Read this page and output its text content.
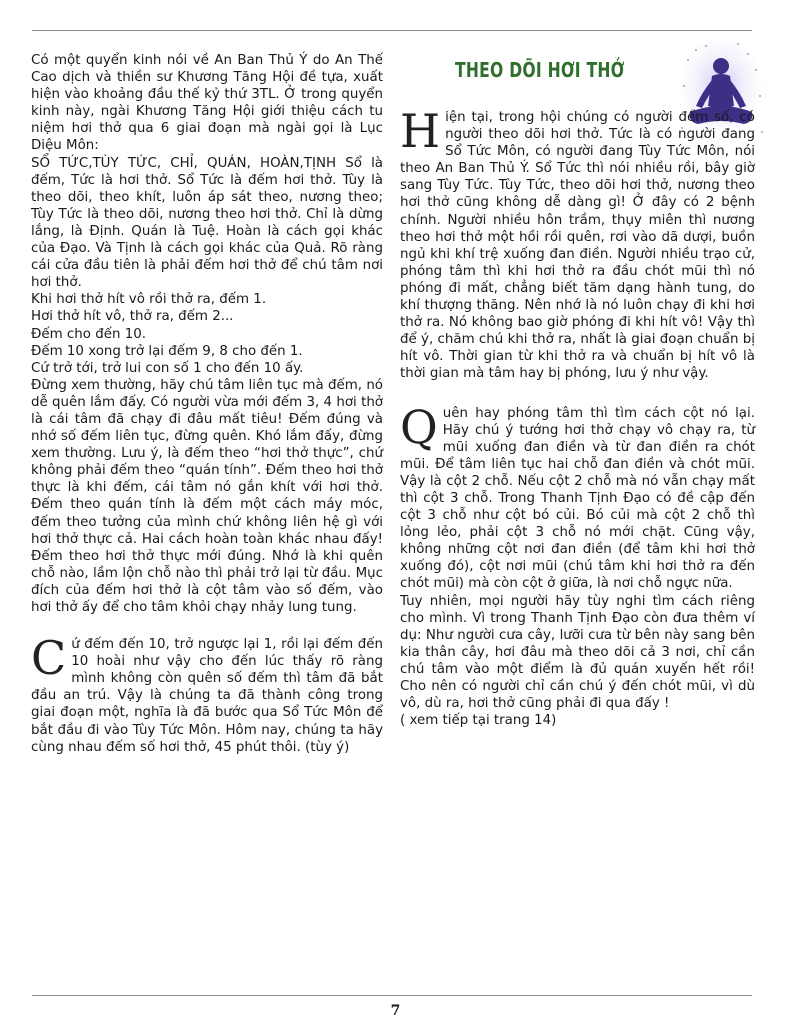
Có một quyển kinh nói về An Ban Thủ Ý do An Thế Cao dịch và thiền sư Khương Tăng Hội đề tựa, xuất hiện vào khoảng đầu thế kỷ thứ 3TL. Ở trong quyển kinh này, ngài Khương Tăng Hội giới thiệu cách tu niệm hơi thở qua 6 giai đoạn mà ngài gọi là Lục Diệu Môn:

SỔ TỨC,TÙY TỨC, CHỈ, QUÁN, HOÀN,TỊNH Sổ là đếm, Tức là hơi thở. Sổ Tức là đếm hơi thở. Tùy là theo dõi, theo khít, luôn áp sát theo, nương theo; Tùy Tức là theo dõi, nương theo hơi thở. Chỉ là dừng lắng, là Định. Quán là Tuệ. Hoàn là cách gọi khác của Đạo. Và Tịnh là cách gọi khác của Quả. Rõ ràng cái cửa đầu tiên là phải đếm hơi thở để chú tâm nơi hơi thở.

Khi hơi thở hít vô rồi thở ra, đếm 1.

Hơi thở hít vô, thở ra, đếm 2...

Đếm cho đến 10.

Đếm 10 xong trở lại đếm 9, 8 cho đến 1.

Cứ trở tới, trở lui con số 1 cho đến 10 ấy.

Đừng xem thường, hãy chú tâm liên tục mà đếm, nó dễ quên lắm đấy. Có người vừa mới đếm 3, 4 hơi thở là cái tâm đã chạy đi đâu mất tiêu! Đếm đúng và nhớ số đếm liên tục, đừng quên. Khó lắm đấy, đừng xem thường. Lưu ý, là đếm theo “hơi thở thực”, chứ không phải đếm theo “quán tính”. Đếm theo hơi thở thực là khi đếm, cái tâm nó gắn khít với hơi thở. Đếm theo quán tính là đếm một cách máy móc, đếm theo tưởng của mình chứ không liên hệ gì với hơi thở thực cả. Hai cách hoàn toàn khác nhau đấy! Đếm theo hơi thở thực mới đúng. Nhớ là khi quên chỗ nào, lầm lộn chỗ nào thì phải trở lại từ đầu. Mục đích của đếm hơi thở là cột tâm vào số đếm, vào hơi thở ấy để cho tâm khỏi chạy nhảy lung tung.

Cứ đếm đến 10, trở ngược lại 1, rồi lại đếm đến 10 hoài như vậy cho đến lúc thấy rõ ràng mình không còn quên số đếm thì tâm đã bắt đầu an trú. Vậy là chúng ta đã thành công trong giai đoạn một, nghĩa là đã bước qua Sổ Tức Môn để bắt đầu đi vào Tùy Tức Môn. Hôm nay, chúng ta hãy cùng nhau đếm số hơi thở, 45 phút thôi. (tùy ý)

THEO DÕI HƠI THỞ

Hiện tại, trong hội chúng có người đếm số, có người theo dõi hơi thở. Tức là có người đang Sổ Tức Môn, có người đang Tùy Tức Môn, nói theo An Ban Thủ Ý. Sổ Tức thì nói nhiều rồi, bây giờ sang Tùy Tức. Tùy Tức, theo dõi hơi thở, nương theo hơi thở cũng không dễ dàng gì! Ở đây có 2 bệnh chính. Người nhiều hôn trầm, thụy miên thì nương theo hơi thở một hồi rồi quên, rơi vào dã dượi, buồn ngủ khi khí trệ xuống đan điền. Người nhiều trạo cử, phóng tâm thì khi hơi thở ra đầu chót mũi thì nó phóng đi mất, chẳng biết tăm dạng hành tung, do khí thượng thăng. Nên nhớ là nó luôn chạy đi khi hơi thở ra. Nó không bao giờ phóng đi khi hít vô! Vậy thì để ý, chăm chú khi thở ra, nhất là giai đoạn chuẩn bị hít vô. Thời gian từ khi thở ra và chuẩn bị hít vô là thời gian mà tâm hay bị phóng, lưu ý như vậy.

Quên hay phóng tâm thì tìm cách cột nó lại. Hãy chú ý tướng hơi thở chạy vô chạy ra, từ mũi xuống đan điền và từ đan điền ra chót mũi. Để tâm liên tục hai chỗ đan điền và chót mũi. Vậy là cột 2 chỗ. Nếu cột 2 chỗ mà nó vẫn chạy mất thì cột 3 chỗ. Trong Thanh Tịnh Đạo có đề cập đến cột 3 chỗ như cột bó củi. Bó củi mà cột 2 chỗ thì lỏng lẻo, phải cột 3 chỗ nó mới chặt. Cũng vậy, không những cột nơi đan điền (để tâm khi hơi thở xuống đó), cột nơi mũi (chú tâm khi hơi thở ra đến chót mũi) mà còn cột ở giữa, là nơi chỗ ngực nữa.

Tuy nhiên, mọi người hãy tùy nghi tìm cách riêng cho mình. Vì trong Thanh Tịnh Đạo còn đưa thêm ví dụ: Như người cưa cây, lưỡi cưa từ bên này sang bên kia thân cây, hơi đâu mà theo dõi cả 3 nơi, chỉ cần chú tâm vào một điểm là đủ quán xuyến hết rồi! Cho nên có người chỉ cần chú ý đến chót mũi, vì dù vô, dù ra, hơi thở cũng phải đi qua đấy !

( xem tiếp tại trang 14)

7
